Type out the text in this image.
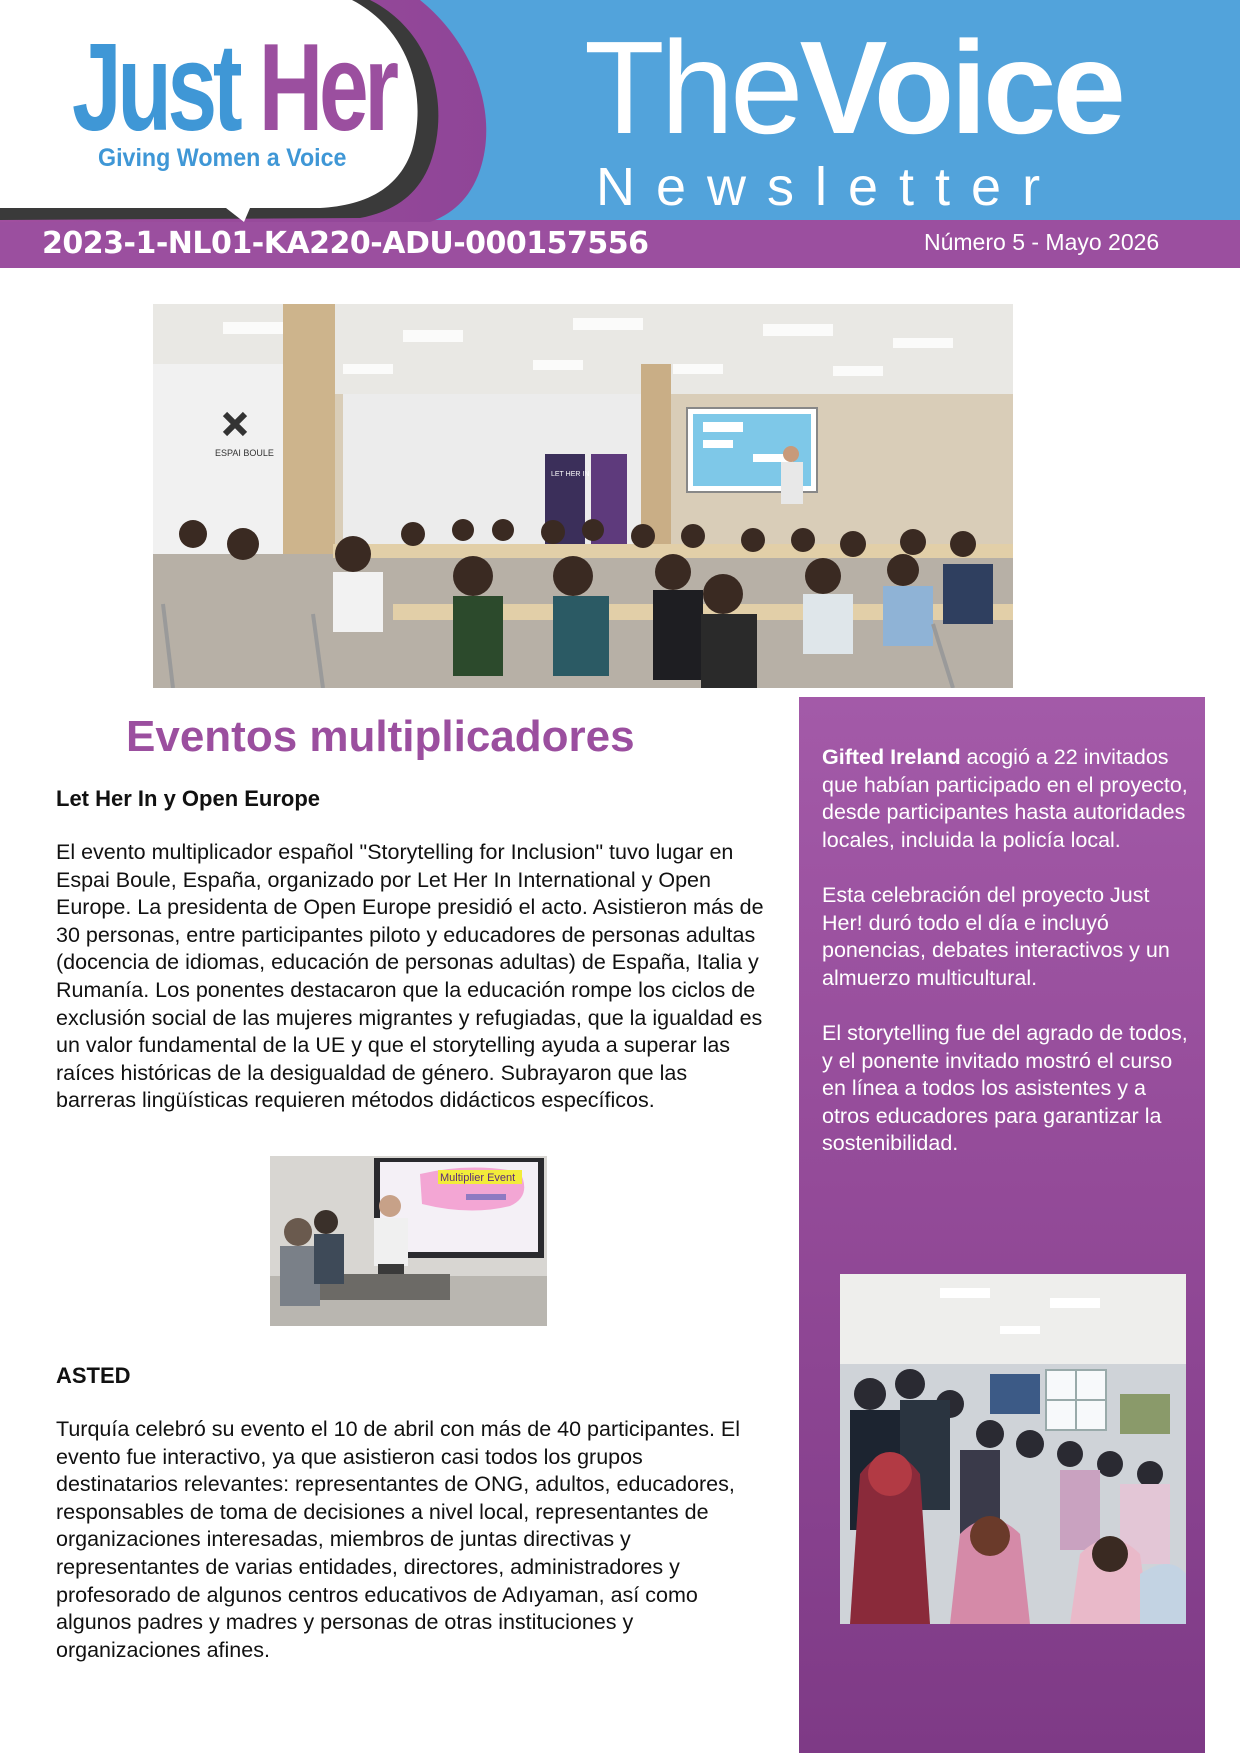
Just Her
Giving Women a Voice TheVoice
Newsletter
2023-1-NL01-KA220-ADU-000157556	Número 5 - Mayo 2026
ESPAI BOULE
LET HER IN
Eventos multiplicadores
Let Her In y Open Europe
El evento multiplicador español "Storytelling for Inclusion" tuvo lugar en Espai Boule, España, organizado por Let Her In International y Open Europe. La presidenta de Open Europe presidió el acto. Asistieron más de 30 personas, entre participantes piloto y educadores de personas adultas (docencia de idiomas, educación de personas adultas) de España, Italia y Rumanía. Los ponentes destacaron que la educación rompe los ciclos de exclusión social de las mujeres migrantes y refugiadas, que la igualdad es un valor fundamental de la UE y que el storytelling ayuda a superar las raíces históricas de la desigualdad de género. Subrayaron que las barreras lingüísticas requieren métodos didácticos específicos.
Multiplier Event
ASTED
Turquía celebró su evento el 10 de abril con más de 40 participantes. El evento fue interactivo, ya que asistieron casi todos los grupos destinatarios relevantes: representantes de ONG, adultos, educadores, responsables de toma de decisiones a nivel local, representantes de organizaciones interesadas, miembros de juntas directivas y representantes de varias entidades, directores, administradores y profesorado de algunos centros educativos de Adıyaman, así como algunos padres y madres y personas de otras instituciones y organizaciones afines.

Gifted Ireland acogió a 22 invitados que habían participado en el proyecto, desde participantes hasta autoridades locales, incluida la policía local.

Esta celebración del proyecto Just Her! duró todo el día e incluyó ponencias, debates interactivos y un almuerzo multicultural.

El storytelling fue del agrado de todos, y el ponente invitado mostró el curso en línea a todos los asistentes y a otros educadores para garantizar la sostenibilidad.
